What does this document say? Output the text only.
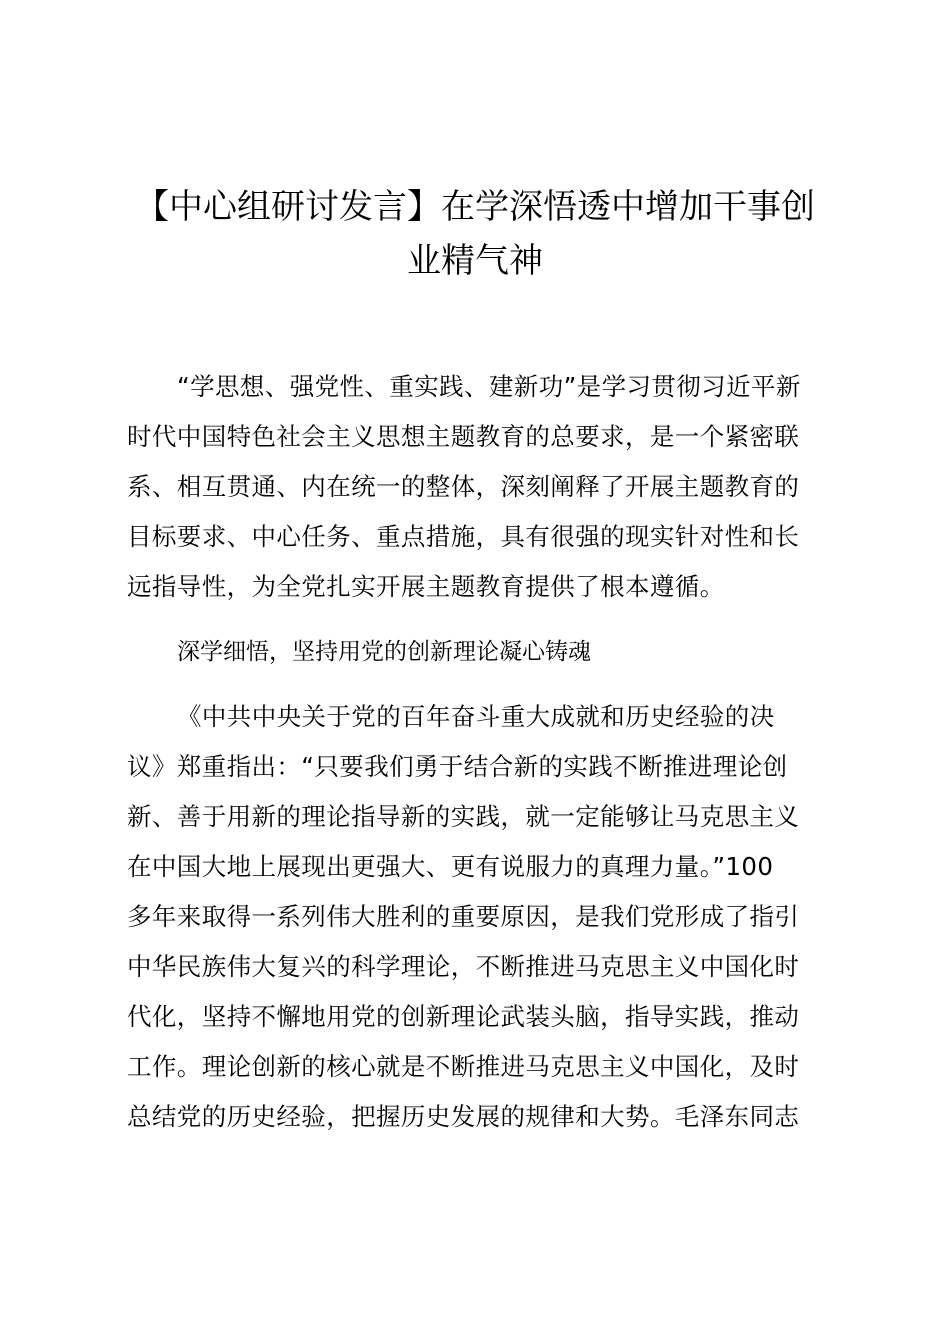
【中心组研讨发言】在学深悟透中增加干事创
业精气神
“学思想、强党性、重实践、建新功”是学习贯彻习近平新
时代中国特色社会主义思想主题教育的总要求，是一个紧密联
系、相互贯通、内在统一的整体，深刻阐释了开展主题教育的
目标要求、中心任务、重点措施，具有很强的现实针对性和长
远指导性，为全党扎实开展主题教育提供了根本遵循。
深学细悟，坚持用党的创新理论凝心铸魂
《中共中央关于党的百年奋斗重大成就和历史经验的决
议》郑重指出：“只要我们勇于结合新的实践不断推进理论创
新、善于用新的理论指导新的实践，就一定能够让马克思主义
在中国大地上展现出更强大、更有说服力的真理力量。”100
多年来取得一系列伟大胜利的重要原因，是我们党形成了指引
中华民族伟大复兴的科学理论，不断推进马克思主义中国化时
代化，坚持不懈地用党的创新理论武装头脑，指导实践，推动
工作。理论创新的核心就是不断推进马克思主义中国化，及时
总结党的历史经验，把握历史发展的规律和大势。毛泽东同志
